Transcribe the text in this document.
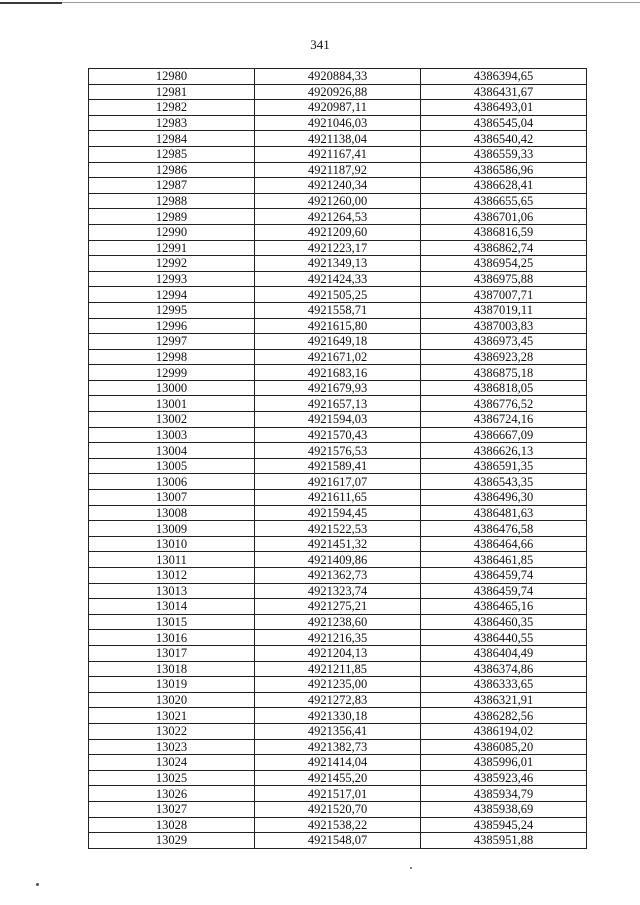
341
12980	4920884,33	4386394,65
12981	4920926,88	4386431,67
12982	4920987,11	4386493,01
12983	4921046,03	4386545,04
12984	4921138,04	4386540,42
12985	4921167,41	4386559,33
12986	4921187,92	4386586,96
12987	4921240,34	4386628,41
12988	4921260,00	4386655,65
12989	4921264,53	4386701,06
12990	4921209,60	4386816,59
12991	4921223,17	4386862,74
12992	4921349,13	4386954,25
12993	4921424,33	4386975,88
12994	4921505,25	4387007,71
12995	4921558,71	4387019,11
12996	4921615,80	4387003,83
12997	4921649,18	4386973,45
12998	4921671,02	4386923,28
12999	4921683,16	4386875,18
13000	4921679,93	4386818,05
13001	4921657,13	4386776,52
13002	4921594,03	4386724,16
13003	4921570,43	4386667,09
13004	4921576,53	4386626,13
13005	4921589,41	4386591,35
13006	4921617,07	4386543,35
13007	4921611,65	4386496,30
13008	4921594,45	4386481,63
13009	4921522,53	4386476,58
13010	4921451,32	4386464,66
13011	4921409,86	4386461,85
13012	4921362,73	4386459,74
13013	4921323,74	4386459,74
13014	4921275,21	4386465,16
13015	4921238,60	4386460,35
13016	4921216,35	4386440,55
13017	4921204,13	4386404,49
13018	4921211,85	4386374,86
13019	4921235,00	4386333,65
13020	4921272,83	4386321,91
13021	4921330,18	4386282,56
13022	4921356,41	4386194,02
13023	4921382,73	4386085,20
13024	4921414,04	4385996,01
13025	4921455,20	4385923,46
13026	4921517,01	4385934,79
13027	4921520,70	4385938,69
13028	4921538,22	4385945,24
13029	4921548,07	4385951,88
